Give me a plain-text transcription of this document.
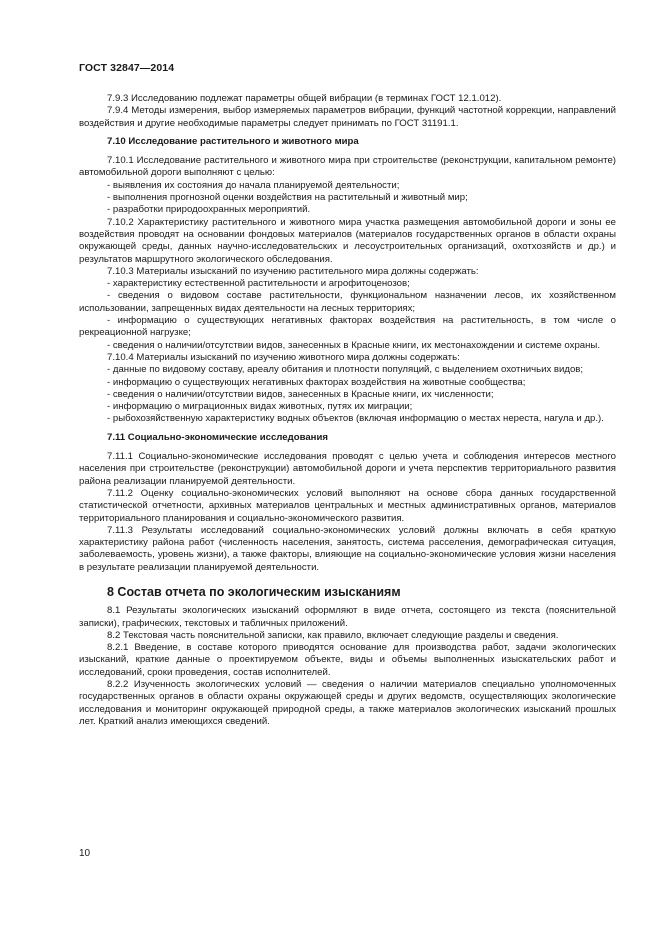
ГОСТ 32847—2014

7.9.3 Исследованию подлежат параметры общей вибрации (в терминах ГОСТ 12.1.012).

7.9.4 Методы измерения, выбор измеряемых параметров вибрации, функций частотной коррекции, направлений воздействия и другие необходимые параметры следует принимать по ГОСТ 31191.1.

7.10 Исследование растительного и животного мира

7.10.1 Исследование растительного и животного мира при строительстве (реконструкции, капитальном ремонте) автомобильной дороги выполняют с целью:

- выявления их состояния до начала планируемой деятельности;

- выполнения прогнозной оценки воздействия на растительный и животный мир;

- разработки природоохранных мероприятий.

7.10.2 Характеристику растительного и животного мира участка размещения автомобильной дороги и зоны ее воздействия проводят на основании фондовых материалов (материалов государственных органов в области охраны окружающей среды, данных научно-исследовательских и лесоустроительных организаций, охотхозяйств и др.) и результатов маршрутного экологического обследования.

7.10.3 Материалы изысканий по изучению растительного мира должны содержать:

- характеристику естественной растительности и агрофитоценозов;

- сведения о видовом составе растительности, функциональном назначении лесов, их хозяйственном использовании, запрещенных видах деятельности на лесных территориях;

- информацию о существующих негативных факторах воздействия на растительность, в том числе о рекреационной нагрузке;

- сведения о наличии/отсутствии видов, занесенных в Красные книги, их местонахождении и системе охраны.

7.10.4 Материалы изысканий по изучению животного мира должны содержать:

- данные по видовому составу, ареалу обитания и плотности популяций, с выделением охотничьих видов;

- информацию о существующих негативных факторах воздействия на животные сообщества;

- сведения о наличии/отсутствии видов, занесенных в Красные книги, их численности;

- информацию о миграционных видах животных, путях их миграции;

- рыбохозяйственную характеристику водных объектов (включая информацию о местах нереста, нагула и др.).

7.11 Социально-экономические исследования

7.11.1 Социально-экономические исследования проводят с целью учета и соблюдения интересов местного населения при строительстве (реконструкции) автомобильной дороги и учета перспектив территориального развития района реализации планируемой деятельности.

7.11.2 Оценку социально-экономических условий выполняют на основе сбора данных государственной статистической отчетности, архивных материалов центральных и местных административных органов, материалов территориального планирования и социально-экономического развития.

7.11.3 Результаты исследований социально-экономических условий должны включать в себя краткую характеристику района работ (численность населения, занятость, система расселения, демографическая ситуация, заболеваемость, уровень жизни), а также факторы, влияющие на социально-экономические условия жизни населения в результате реализации планируемой деятельности.

8 Состав отчета по экологическим изысканиям

8.1 Результаты экологических изысканий оформляют в виде отчета, состоящего из текста (пояснительной записки), графических, текстовых и табличных приложений.

8.2 Текстовая часть пояснительной записки, как правило, включает следующие разделы и сведения.

8.2.1 Введение, в составе которого приводятся основание для производства работ, задачи экологических изысканий, краткие данные о проектируемом объекте, виды и объемы выполненных изыскательских работ и исследований, сроки проведения, состав исполнителей.

8.2.2 Изученность экологических условий — сведения о наличии материалов специально уполномоченных государственных органов в области охраны окружающей среды и других ведомств, осуществляющих экологические исследования и мониторинг окружающей природной среды, а также материалов экологических изысканий прошлых лет. Краткий анализ имеющихся сведений.

10
